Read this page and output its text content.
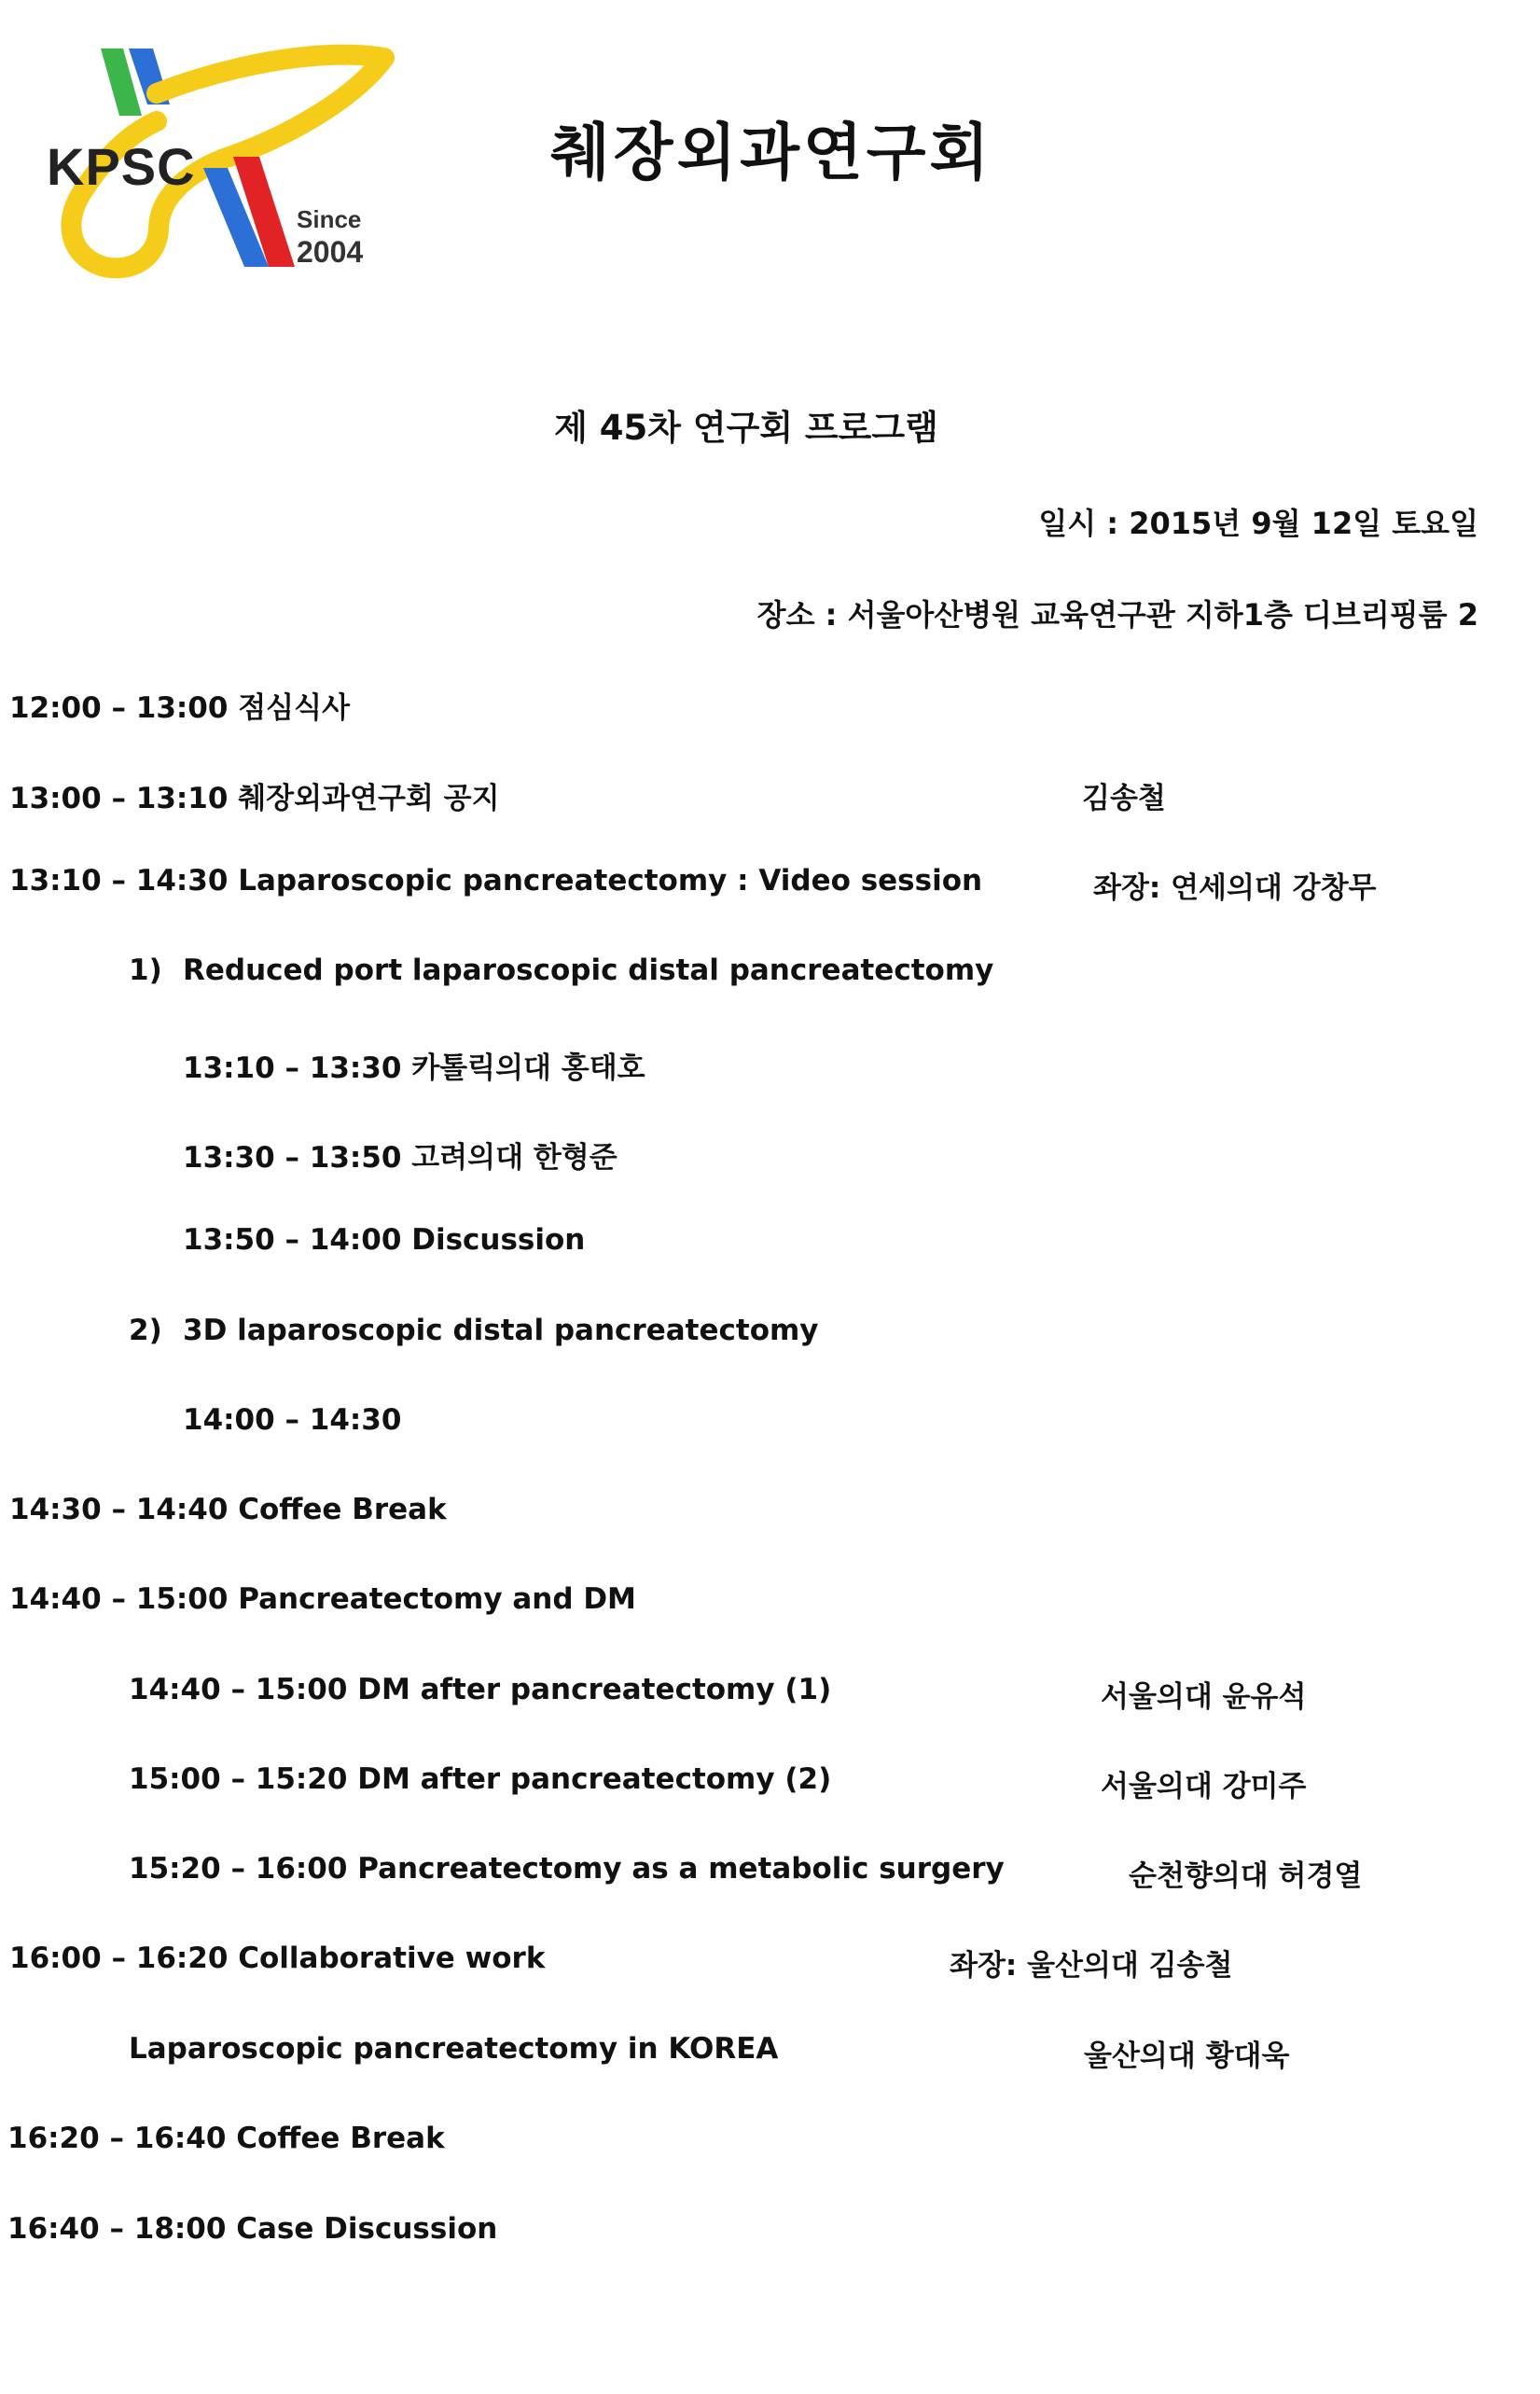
KPSC
Since
2004
췌장외과연구회
제 45차 연구회 프로그램
일시 : 2015년 9월 12일 토요일
장소 : 서울아산병원 교육연구관 지하1층 디브리핑룸 2
12:00 – 13:00 점심식사
13:00 – 13:10 췌장외과연구회 공지	김송철
13:10 – 14:30 Laparoscopic pancreatectomy : Video session	좌장: 연세의대 강창무
1) Reduced port laparoscopic distal pancreatectomy
13:10 – 13:30 카톨릭의대 홍태호
13:30 – 13:50 고려의대 한형준
13:50 – 14:00 Discussion
2) 3D laparoscopic distal pancreatectomy
14:00 – 14:30
14:30 – 14:40 Coffee Break
14:40 – 15:00 Pancreatectomy and DM
14:40 – 15:00 DM after pancreatectomy (1)	서울의대 윤유석
15:00 – 15:20 DM after pancreatectomy (2)	서울의대 강미주
15:20 – 16:00 Pancreatectomy as a metabolic surgery	순천향의대 허경열
16:00 – 16:20 Collaborative work	좌장: 울산의대 김송철
Laparoscopic pancreatectomy in KOREA	울산의대 황대욱
16:20 – 16:40 Coffee Break
16:40 – 18:00 Case Discussion
